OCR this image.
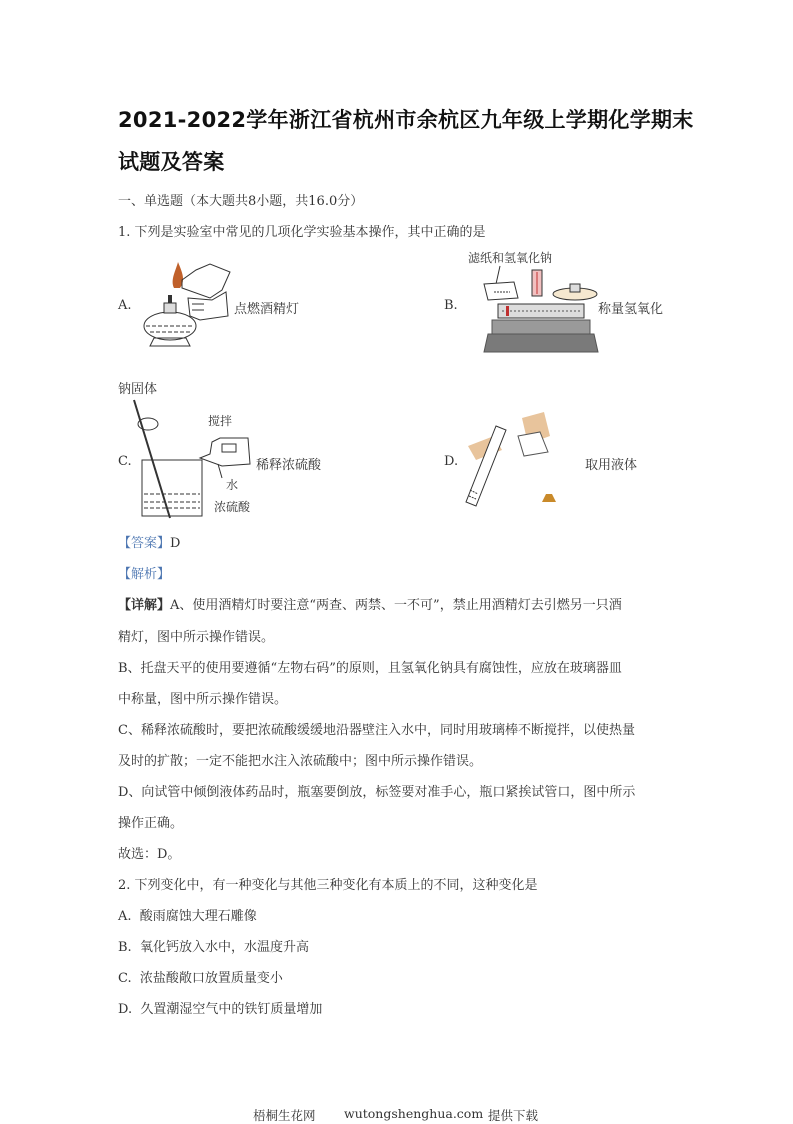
2021-2022学年浙江省杭州市余杭区九年级上学期化学期末
试题及答案
一、单选题（本大题共8小题，共16.0分）
1. 下列是实验室中常见的几项化学实验基本操作，其中正确的是
A.	点燃酒精灯	B.
滤纸和氢氧化钠
称量氢氧化
钠固体
C.
搅拌
水
浓硫酸
稀释浓硫酸	D.	取用液体
【答案】D
【解析】
【详解】A、使用酒精灯时要注意“两查、两禁、一不可”，禁止用酒精灯去引燃另一只酒
精灯，图中所示操作错误。
B、托盘天平的使用要遵循“左物右码”的原则，且氢氧化钠具有腐蚀性，应放在玻璃器皿
中称量，图中所示操作错误。
C、稀释浓硫酸时，要把浓硫酸缓缓地沿器壁注入水中，同时用玻璃棒不断搅拌，以使热量
及时的扩散；一定不能把水注入浓硫酸中；图中所示操作错误。
D、向试管中倾倒液体药品时，瓶塞要倒放，标签要对准手心，瓶口紧挨试管口，图中所示
操作正确。
故选：D。
2. 下列变化中，有一种变化与其他三种变化有本质上的不同，这种变化是
A. 酸雨腐蚀大理石雕像
B. 氧化钙放入水中，水温度升高
C. 浓盐酸敞口放置质量变小
D. 久置潮湿空气中的铁钉质量增加
梧桐生花网 wutongshenghua.com 提供下载
